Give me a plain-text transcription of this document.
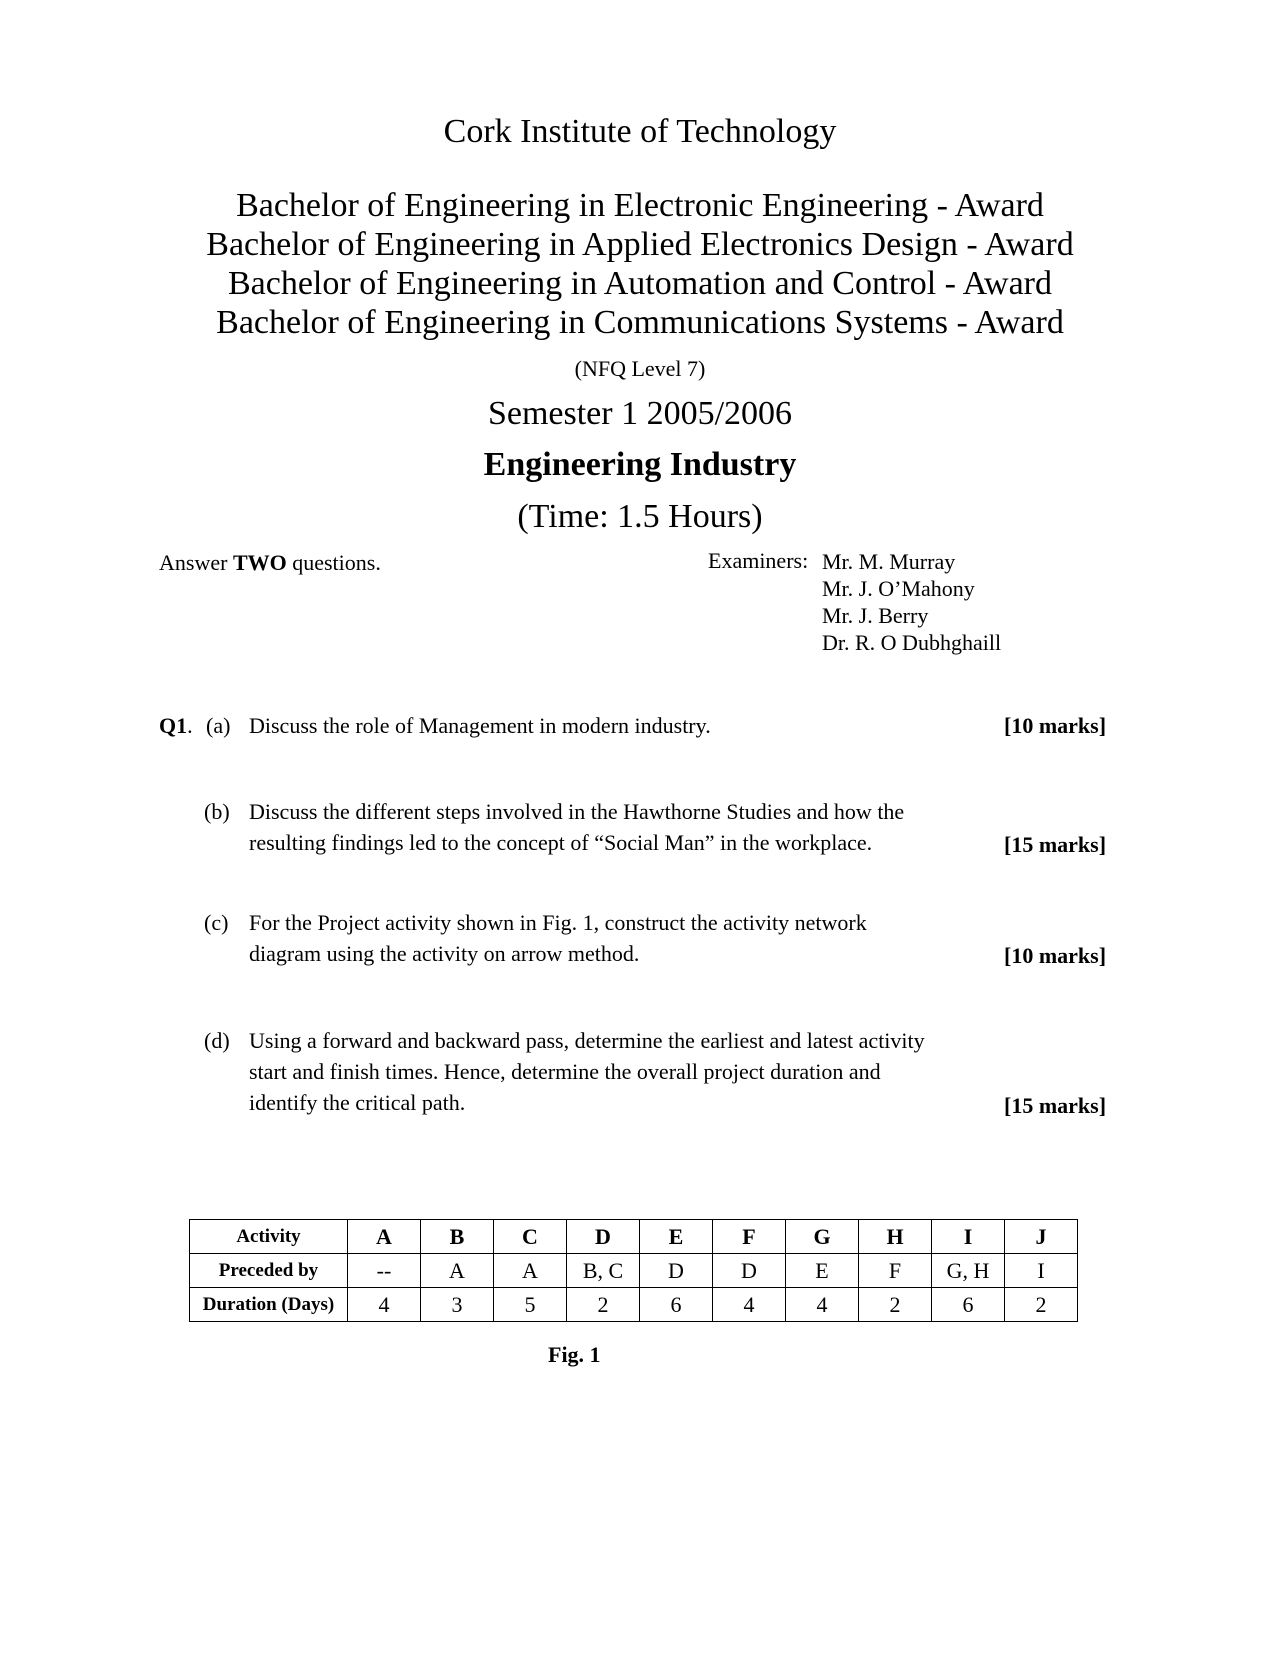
Cork Institute of Technology
Bachelor of Engineering in Electronic Engineering - Award
Bachelor of Engineering in Applied Electronics Design - Award
Bachelor of Engineering in Automation and Control - Award
Bachelor of Engineering in Communications Systems - Award
(NFQ Level 7)
Semester 1 2005/2006
Engineering Industry
(Time: 1.5 Hours)
Answer TWO questions.	Examiners: Mr. M. Murray
Mr. J. O’Mahony
Mr. J. Berry
Dr. R. O Dubhghaill
Q1. (a) Discuss the role of Management in modern industry.	[10 marks]
(b) Discuss the different steps involved in the Hawthorne Studies and how the
resulting findings led to the concept of “Social Man” in the workplace.	[15 marks]
(c) For the Project activity shown in Fig. 1, construct the activity network
diagram using the activity on arrow method.	[10 marks]
(d) Using a forward and backward pass, determine the earliest and latest activity
start and finish times. Hence, determine the overall project duration and
identify the critical path.	[15 marks]
Activity	A	B	C	D	E	F	G	H	I	J
Preceded by	--	A	A	B, C	D	D	E	F	G, H	I
Duration (Days)	4	3	5	2	6	4	4	2	6	2
Fig. 1
